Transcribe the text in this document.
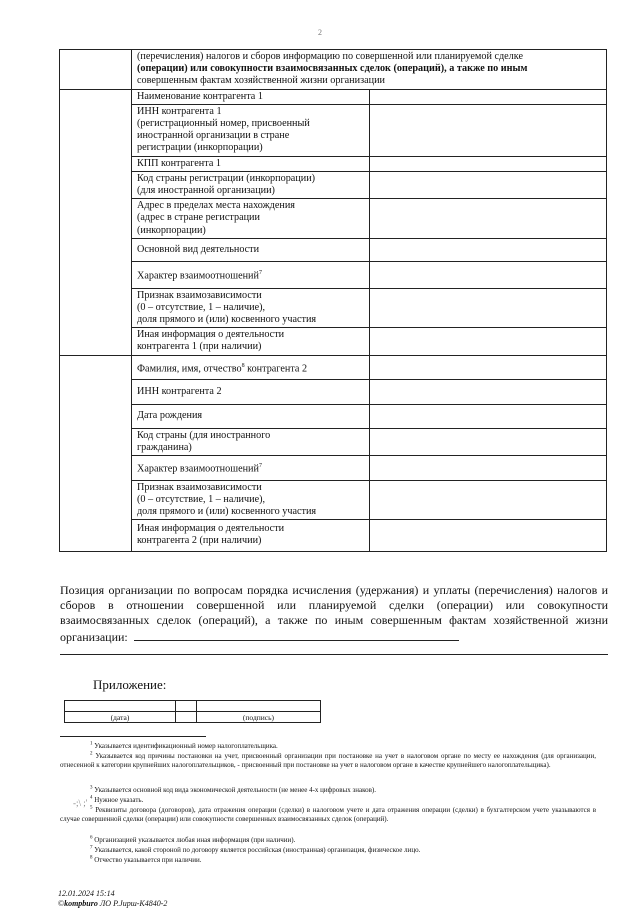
2

	(перечисления) налогов и сборов информацию по совершенной или планируемой сделке
(операции) или совокупности взаимосвязанных сделок (операций), а также по иным
совершенным фактам хозяйственной жизни организации	

	Наименование контрагента 1	

	ИНН контрагента 1
(регистрационный номер, присвоенный
иностранной организации в стране
регистрации (инкорпорации)	

	КПП контрагента 1	

	Код страны регистрации (инкорпорации)
(для иностранной организации)	

	Адрес в пределах места нахождения
(адрес в стране регистрации
(инкорпорации)	

	Основной вид деятельности	

	Характер взаимоотношений$^7$	

	Признак взаимозависимости
(0 – отсутствие, 1 – наличие),
доля прямого и (или) косвенного участия	

	Иная информация о деятельности
контрагента 1 (при наличии)	

	Фамилия, имя, отчество$^8$ контрагента 2	

	ИНН контрагента 2	

	Дата рождения	

	Код страны (для иностранного
гражданина)	

	Характер взаимоотношений$^7$	

	Признак взаимозависимости
(0 – отсутствие, 1 – наличие),
доля прямого и (или) косвенного участия	

	Иная информация о деятельности
контрагента 2 (при наличии)	

Позиция организации по вопросам порядка исчисления (удержания) и уплаты (перечисления) налогов и сборов в отношении совершенной или планируемой сделки (операции) или совокупности взаимосвязанных сделок (операций), а также по иным совершенным фактам хозяйственной жизни организации:
Приложение:

(дата)		(подпись)
$^1$ Указывается идентификационный номер налогоплательщика.
$^2$ Указывается код причины постановки на учет, присвоенный организации при постановке на учет в налоговом органе по месту ее нахождения (для организации, отнесенной к категории крупнейших налогоплательщиков, - присвоенный при постановке на учет в налоговом органе в качестве крупнейшего налогоплательщика).
$^3$ Указывается основной код вида экономической деятельности (не менее 4-х цифровых знаков).
-;\ ;' $^4$ Нужное указать.
$^5$ Реквизиты договора (договоров), дата отражения операции (сделки) в налоговом учете и дата отражения операции (сделки) в бухгалтерском учете указываются в случае совершенной сделки (операции) или совокупности совершенных взаимосвязанных сделок (операций).
$^6$ Организацией указывается любая иная информация (при наличии).
$^7$ Указывается, какой стороной по договору является российская (иностранная) организация, физическое лицо.
$^8$ Отчество указывается при наличии.
12.01.2024 15:14
©kompburo ЛО Р.Јирш-К4840-2
